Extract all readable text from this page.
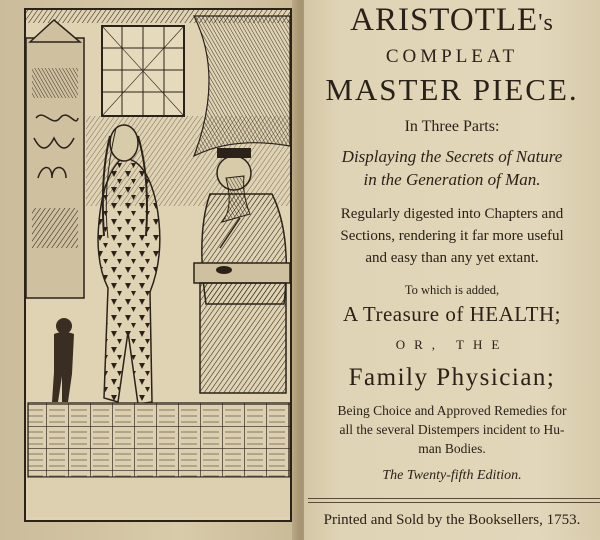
ARISTOTLE's
COMPLEAT
MASTER PIECE.
In Three Parts:
Displaying the Secrets of Nature
in the Generation of Man.
Regularly digested into Chapters and
Sections, rendering it far more useful
and easy than any yet extant.
To which is added,
A Treasure of HEALTH;
OR, THE
Family Physician;
Being Choice and Approved Remedies for
all the several Distempers incident to Hu-
man Bodies.
The Twenty-fifth Edition.
Printed and Sold by the Booksellers, 1753.
